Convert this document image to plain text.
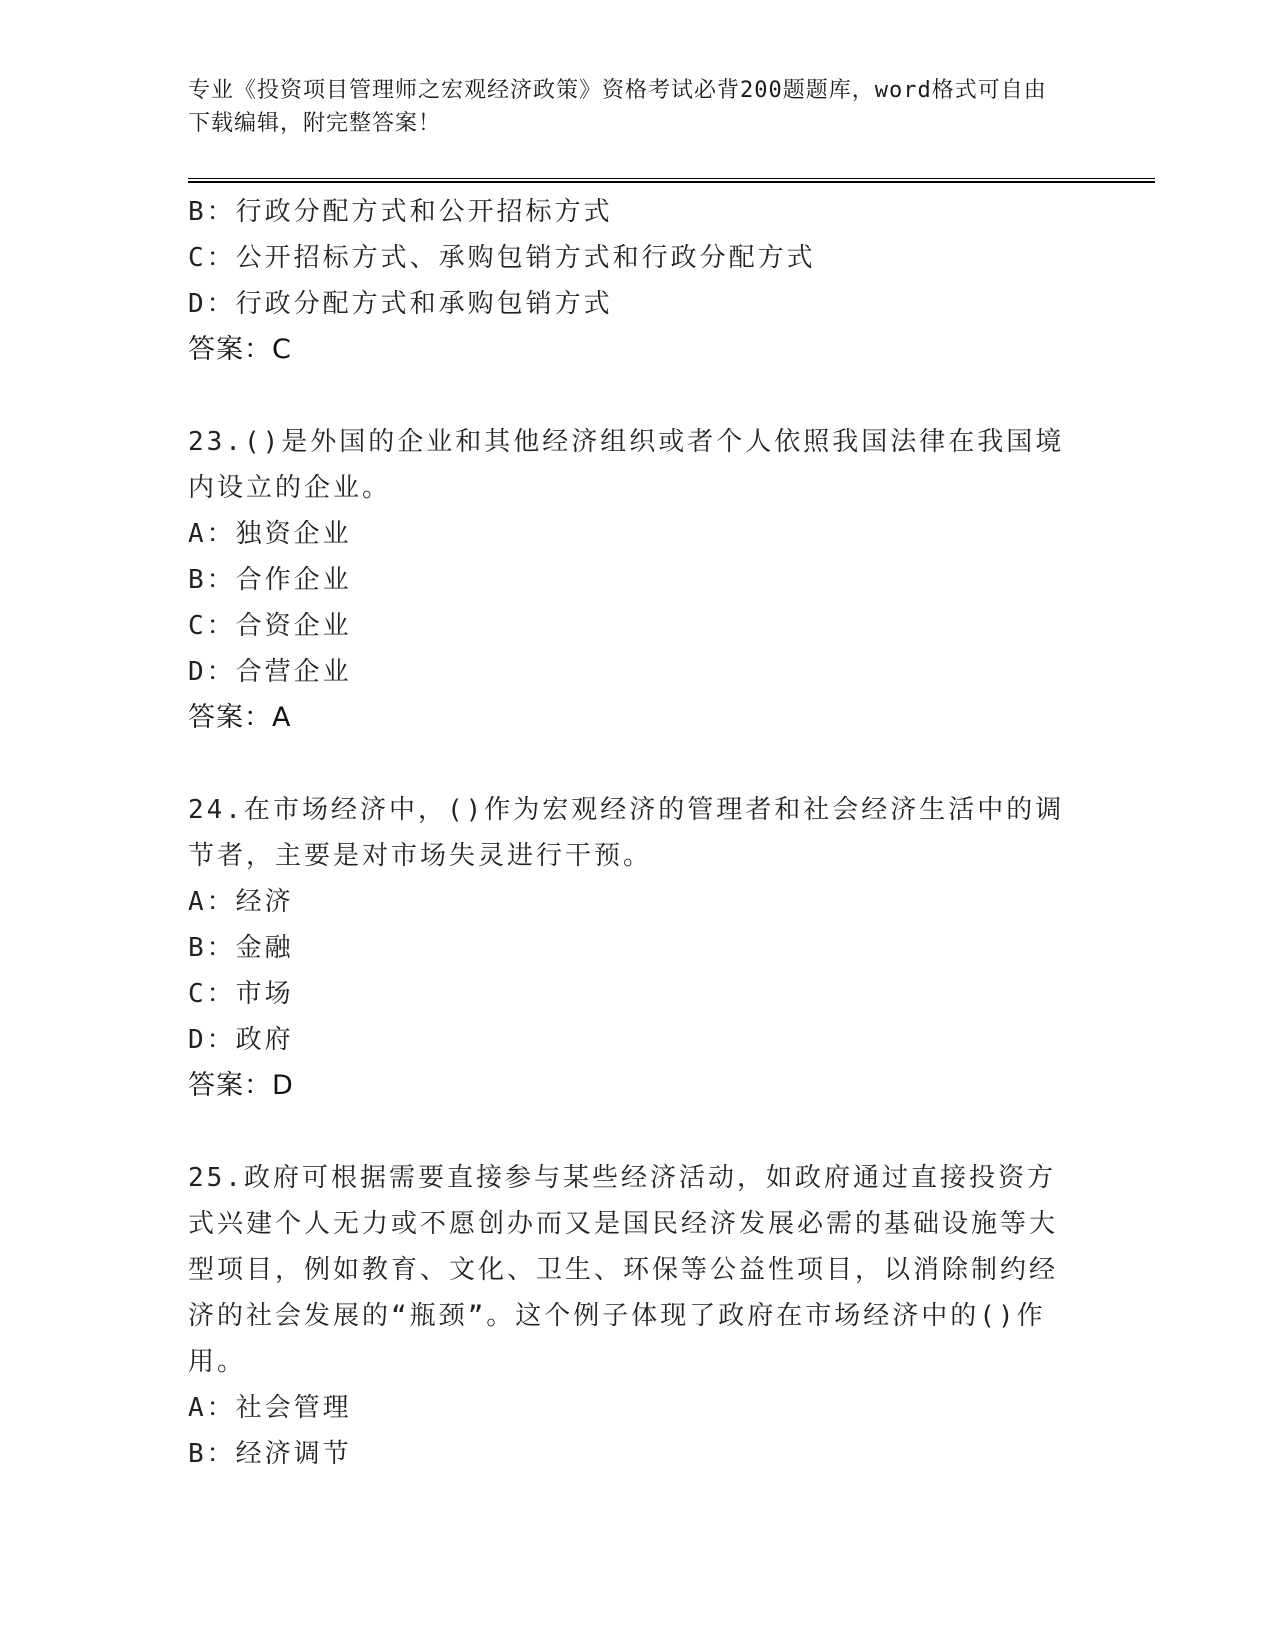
专业《投资项目管理师之宏观经济政策》资格考试必背200题题库，word格式可自由下载编辑，附完整答案！
B：行政分配方式和公开招标方式
C：公开招标方式、承购包销方式和行政分配方式
D：行政分配方式和承购包销方式
答案：C
23.()是外国的企业和其他经济组织或者个人依照我国法律在我国境内设立的企业。
A：独资企业
B：合作企业
C：合资企业
D：合营企业
答案：A
24.在市场经济中，()作为宏观经济的管理者和社会经济生活中的调节者，主要是对市场失灵进行干预。
A：经济
B：金融
C：市场
D：政府
答案：D
25.政府可根据需要直接参与某些经济活动，如政府通过直接投资方式兴建个人无力或不愿创办而又是国民经济发展必需的基础设施等大型项目，例如教育、文化、卫生、环保等公益性项目，以消除制约经济的社会发展的“瓶颈”。这个例子体现了政府在市场经济中的()作用。
A：社会管理
B：经济调节
